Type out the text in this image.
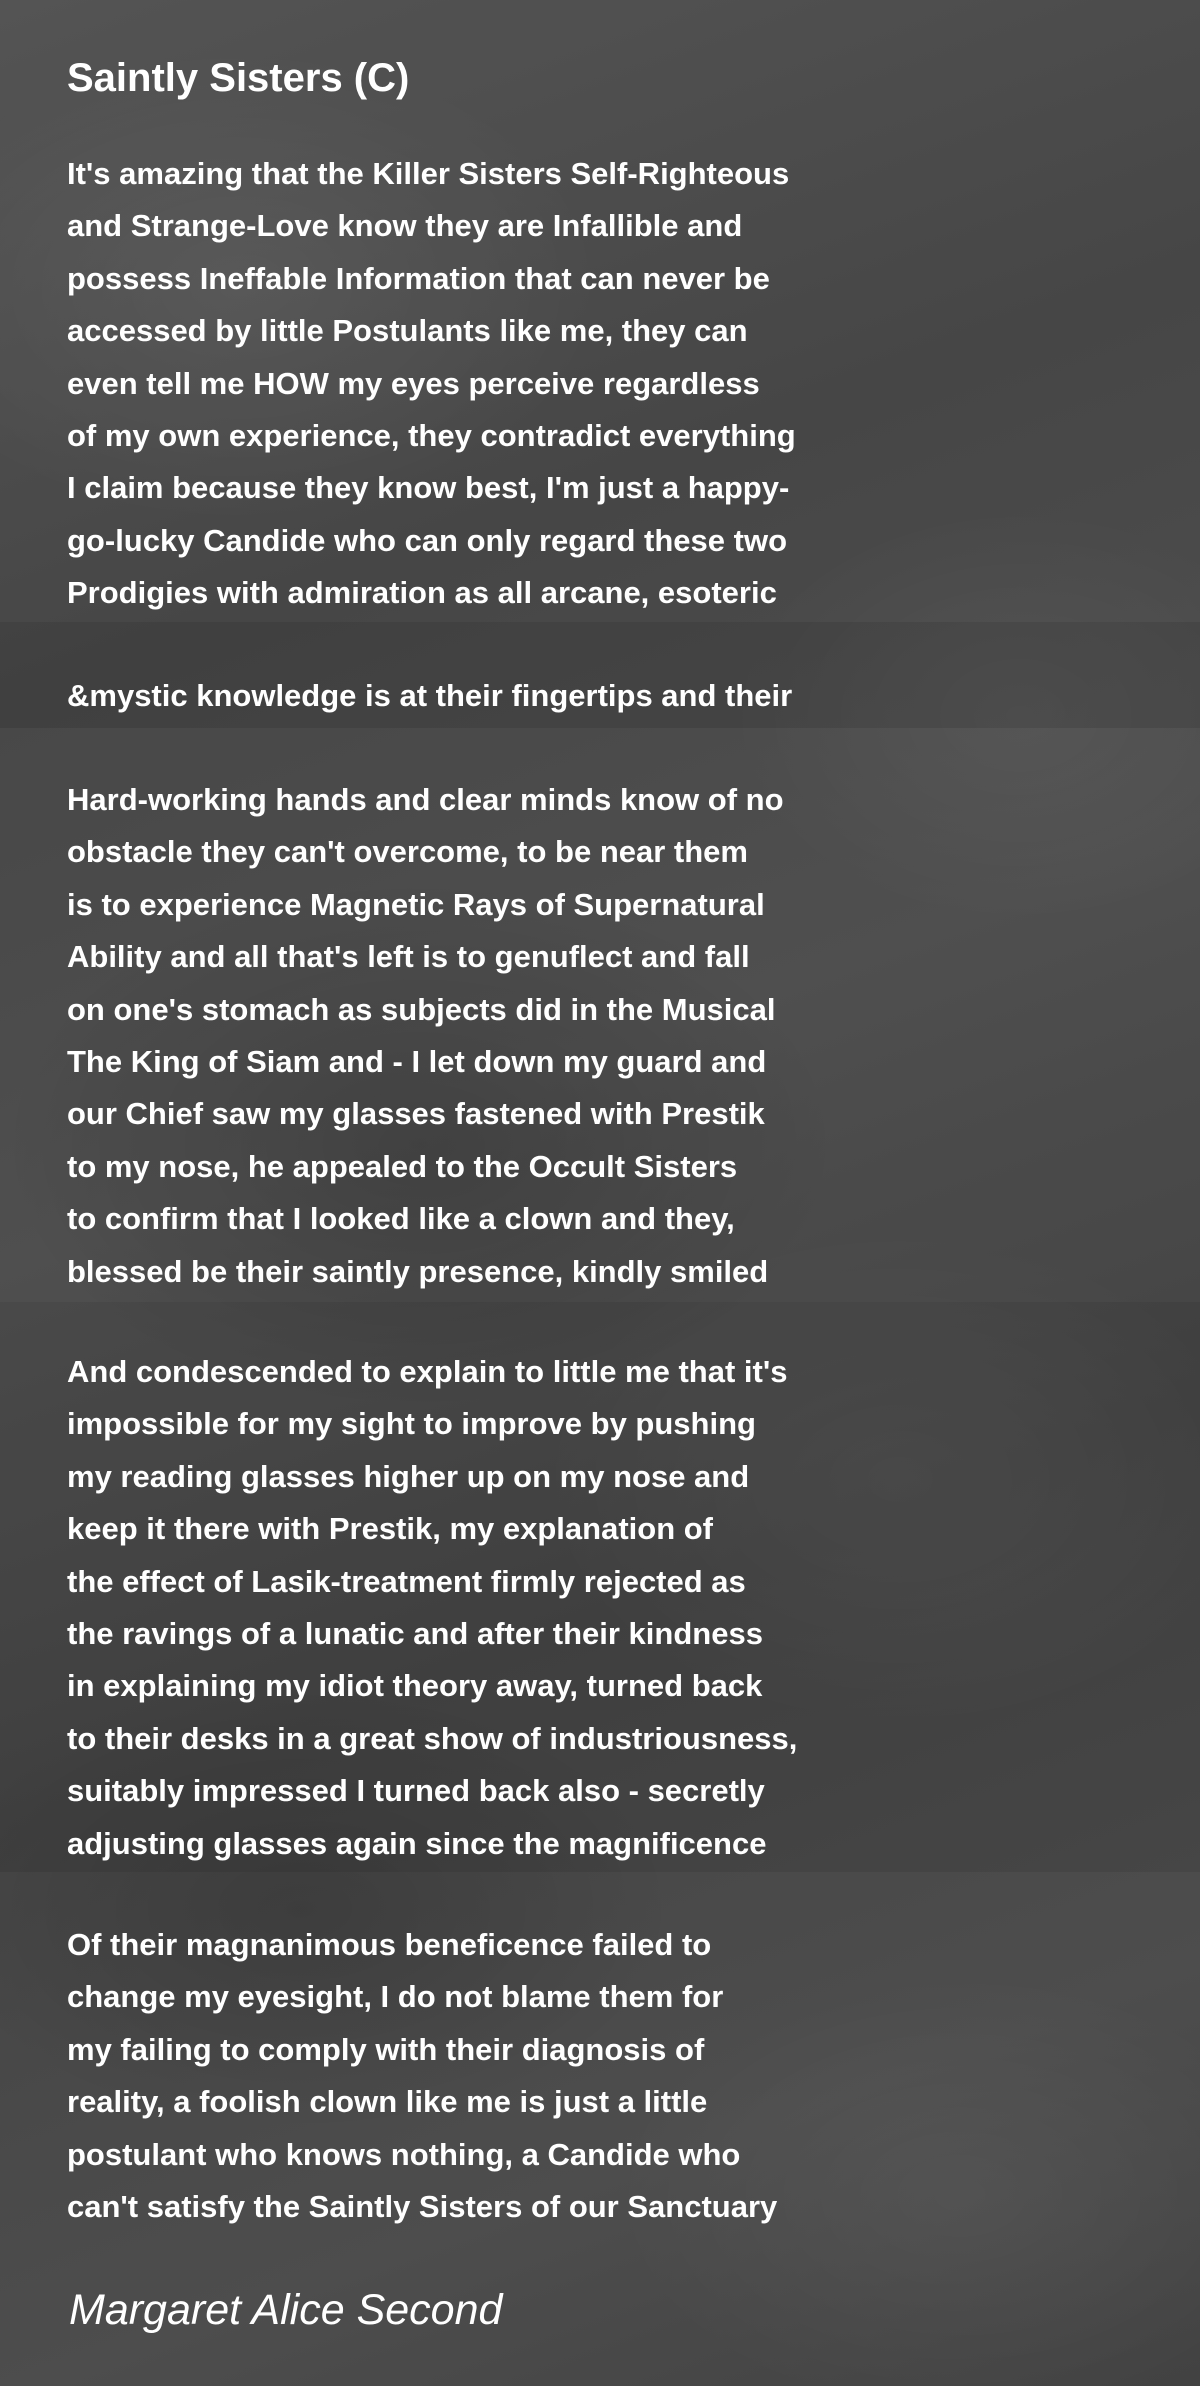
Saintly Sisters (C)
It's amazing that the Killer Sisters Self-Righteous
and Strange-Love know they are Infallible and
possess Ineffable Information that can never be
accessed by little Postulants like me, they can
even tell me HOW my eyes perceive regardless
of my own experience, they contradict everything
I claim because they know best, I'm just a happy-
go-lucky Candide who can only regard these two
Prodigies with admiration as all arcane, esoteric
&mystic knowledge is at their fingertips and their
Hard-working hands and clear minds know of no
obstacle they can't overcome, to be near them
is to experience Magnetic Rays of Supernatural
Ability and all that's left is to genuflect and fall
on one's stomach as subjects did in the Musical
The King of Siam and - I let down my guard and
our Chief saw my glasses fastened with Prestik
to my nose, he appealed to the Occult Sisters
to confirm that I looked like a clown and they,
blessed be their saintly presence, kindly smiled
And condescended to explain to little me that it's
impossible for my sight to improve by pushing
my reading glasses higher up on my nose and
keep it there with Prestik, my explanation of
the effect of Lasik-treatment firmly rejected as
the ravings of a lunatic and after their kindness
in explaining my idiot theory away, turned back
to their desks in a great show of industriousness,
suitably impressed I turned back also - secretly
adjusting glasses again since the magnificence
Of their magnanimous beneficence failed to
change my eyesight, I do not blame them for
my failing to comply with their diagnosis of
reality, a foolish clown like me is just a little
postulant who knows nothing, a Candide who
can't satisfy the Saintly Sisters of our Sanctuary

Margaret Alice Second
